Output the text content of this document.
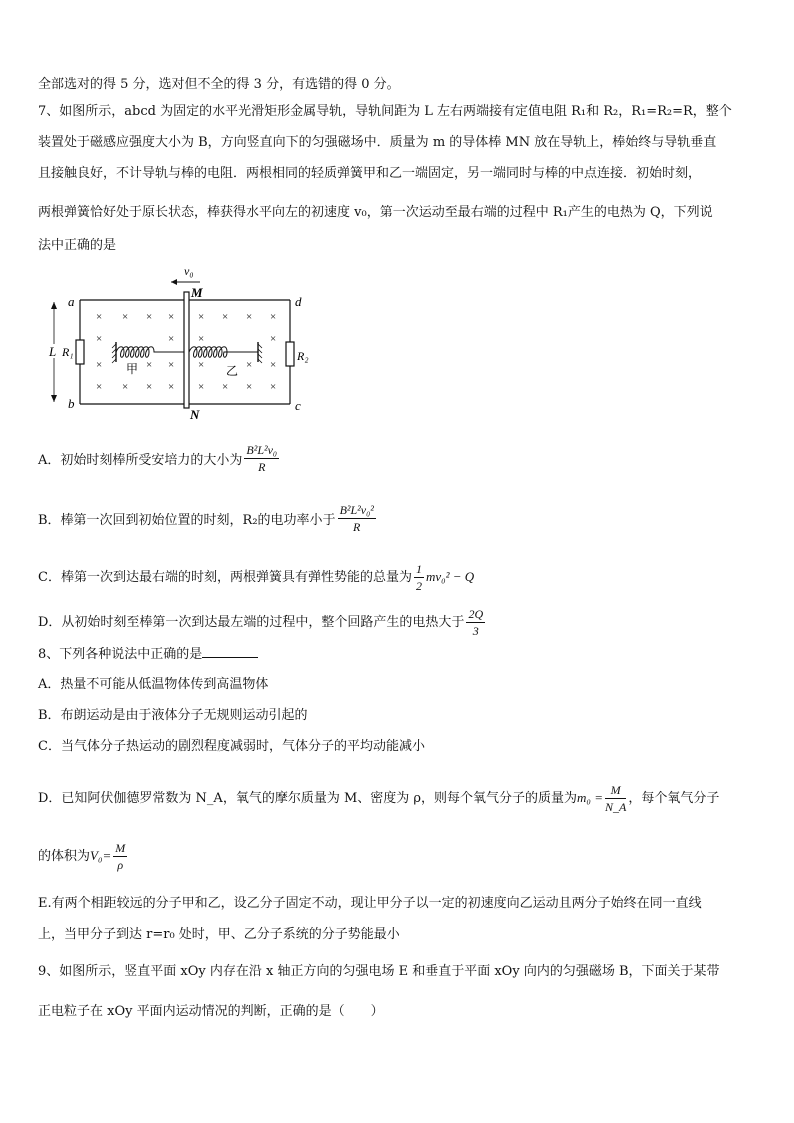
全部选对的得 5 分，选对但不全的得 3 分，有选错的得 0 分。
7、如图所示，abcd 为固定的水平光滑矩形金属导轨，导轨间距为 L 左右两端接有定值电阻 R₁和 R₂，R₁=R₂=R，整个
装置处于磁感应强度大小为 B，方向竖直向下的匀强磁场中．质量为 m 的导体棒 MN 放在导轨上，棒始终与导轨垂直
且接触良好，不计导轨与棒的电阻．两根相同的轻质弹簧甲和乙一端固定，另一端同时与棒的中点连接．初始时刻，
两根弹簧恰好处于原长状态，棒获得水平向左的初速度 v₀，第一次运动至最右端的过程中 R₁产生的电热为 Q，下列说
法中正确的是
v₀
M
R₁	R₂
a
b	c
d
L
N
× × × × × × × ×
×	× ×	×
×	× × ×	× ×
× × × × × × × ×
甲	乙
A．初始时刻棒所受安培力的大小为 $\frac{\text{B²L²v₀}}{R}$
B．棒第一次回到初始位置的时刻，R₂的电功率小于 $\frac{\text{B²L²v₀²}}{R}$
C．棒第一次到达最右端的时刻，两根弹簧具有弹性势能的总量为 $\frac{1}{2} mv_0^2 - Q$
D．从初始时刻至棒第一次到达最左端的过程中，整个回路产生的电热大于 $\frac{2Q}{3}$
8、下列各种说法中正确的是
A．热量不可能从低温物体传到高温物体
B．布朗运动是由于液体分子无规则运动引起的
C．当气体分子热运动的剧烈程度减弱时，气体分子的平均动能减小
D．已知阿伏伽德罗常数为 N_A，氧气的摩尔质量为 M、密度为 ρ，则每个氧气分子的质量为$m_0 = \frac{M}{N\_A}$ ，每个氧气分子
的体积为$V_0= \frac{M}{\rho}$
E.有两个相距较远的分子甲和乙，设乙分子固定不动，现让甲分子以一定的初速度向乙运动且两分子始终在同一直线
上，当甲分子到达 r=r₀ 处时，甲、乙分子系统的分子势能最小
9、如图所示，竖直平面 xOy 内存在沿 x 轴正方向的匀强电场 E 和垂直于平面 xOy 向内的匀强磁场 B，下面关于某带
正电粒子在 xOy 平面内运动情况的判断，正确的是（　　）
